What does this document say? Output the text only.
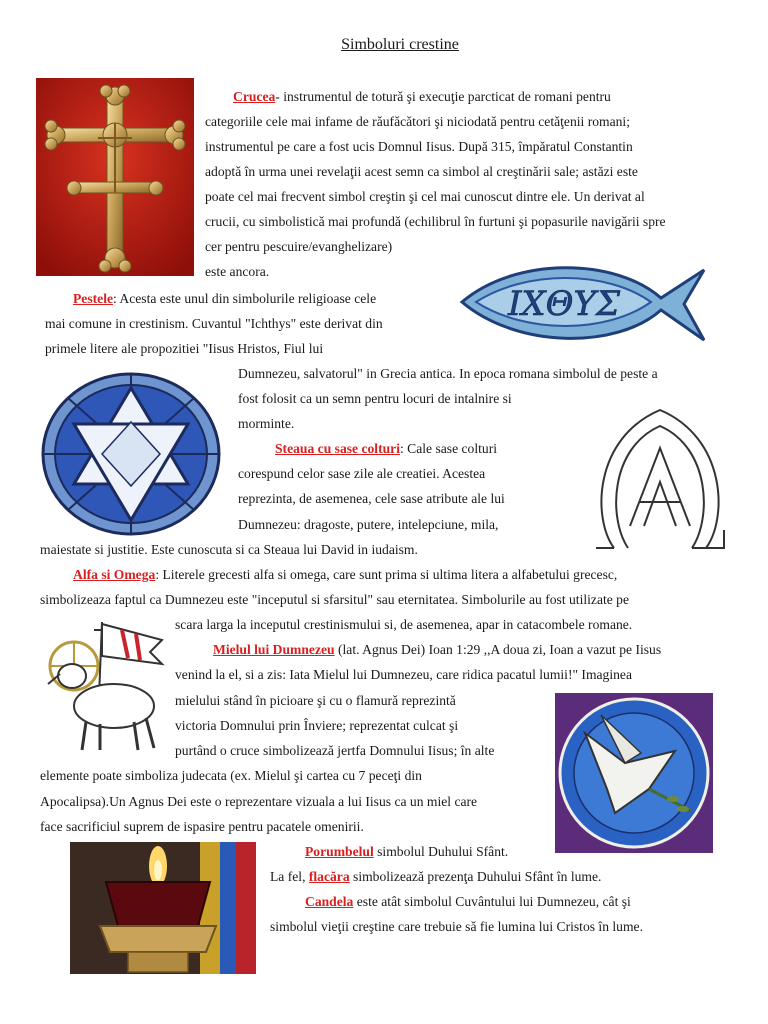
Simboluri crestine
Crucea- instrumentul de toturǎ şi execuţie parcticat de romani pentru
categoriile cele mai infame de rǎufǎcǎtori şi niciodatǎ pentru cetǎţenii romani;
instrumentul pe care a fost ucis Domnul Iisus. După 315, împăratul Constantin
adoptǎ în urma unei revelaţii acest semn ca simbol al creştinǎrii sale; astăzi este
poate cel mai frecvent simbol creştin şi cel mai cunoscut dintre ele. Un derivat al
crucii, cu simbolisticǎ mai profundǎ (echilibrul în furtuni şi popasurile navigǎrii spre
cer pentru pescuire/evanghelizare)
este ancora.
IXΘYΣ
Pestele: Acesta este unul din simbolurile religioase cele
mai comune in crestinism. Cuvantul "Ichthys" este derivat din
primele litere ale propozitiei "Iisus Hristos, Fiul lui
Dumnezeu, salvatorul" in Grecia antica. In epoca romana simbolul de peste a
fost folosit ca un semn pentru locuri de intalnire si
morminte.
Steaua cu sase colturi: Cale sase colturi
corespund celor sase zile ale creatiei. Acestea
reprezinta, de asemenea, cele sase atribute ale lui
Dumnezeu: dragoste, putere, intelepciune, mila,
maiestate si justitie. Este cunoscuta si ca Steaua lui David in iudaism.
Alfa si Omega: Literele grecesti alfa si omega, care sunt prima si ultima litera a alfabetului grecesc,
simbolizeaza faptul ca Dumnezeu este "inceputul si sfarsitul" sau eternitatea. Simbolurile au fost utilizate pe
scara larga la inceputul crestinismului si, de asemenea, apar in catacombele romane.
Mielul lui Dumnezeu (lat. Agnus Dei) Ioan 1:29 ,,A doua zi, Ioan a vazut pe Iisus
venind la el, si a zis: Iata Mielul lui Dumnezeu, care ridica pacatul lumii!" Imaginea
mielului stând în picioare şi cu o flamurǎ reprezintǎ
victoria Domnului prin Înviere; reprezentat culcat şi
purtând o cruce simbolizeazǎ jertfa Domnului Iisus; în alte
elemente poate simboliza judecata (ex. Mielul şi cartea cu 7 peceţi din
Apocalipsa).Un Agnus Dei este o reprezentare vizuala a lui Iisus ca un miel care
face sacrificiul suprem de ispasire pentru pacatele omenirii.
Porumbelul simbolul Duhului Sfânt.
La fel, flacăra simbolizeazǎ prezenţa Duhului Sfânt în lume.
Candela este atât simbolul Cuvântului lui Dumnezeu, cât şi
simbolul vieţii creştine care trebuie sǎ fie lumina lui Cristos în lume.
